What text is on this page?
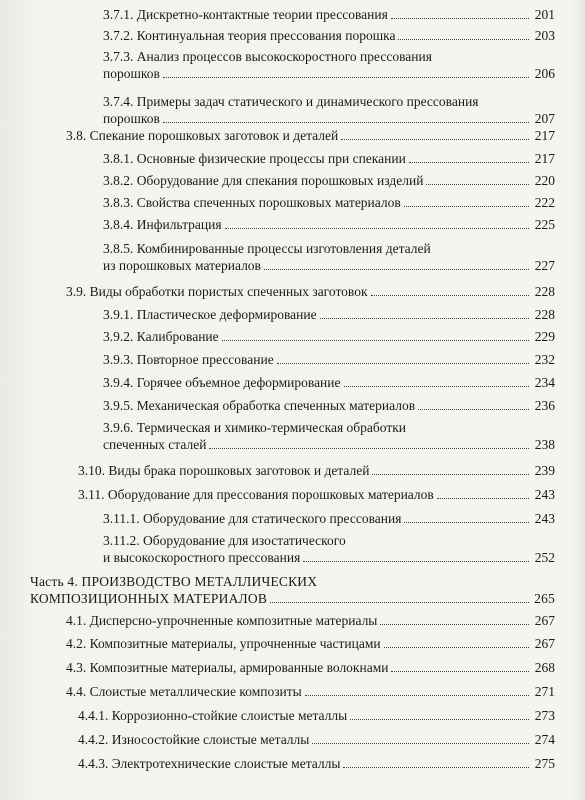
3.7.1. Дискретно-контактные теории прессования	201
3.7.2. Континуальная теория прессования порошка	203
3.7.3. Анализ процессов высокоскоростного прессования
порошков	206
3.7.4. Примеры задач статического и динамического прессования
порошков	207
3.8. Спекание порошковых заготовок и деталей	217
3.8.1. Основные физические процессы при спекании	217
3.8.2. Оборудование для спекания порошковых изделий	220
3.8.3. Свойства спеченных порошковых материалов	222
3.8.4. Инфильтрация	225
3.8.5. Комбинированные процессы изготовления деталей
из порошковых материалов	227
3.9. Виды обработки пористых спеченных заготовок	228
3.9.1. Пластическое деформирование	228
3.9.2. Калибрование	229
3.9.3. Повторное прессование	232
3.9.4. Горячее объемное деформирование	234
3.9.5. Механическая обработка спеченных материалов	236
3.9.6. Термическая и химико-термическая обработки
спеченных сталей	238
3.10. Виды брака порошковых заготовок и деталей	239
3.11. Оборудование для прессования порошковых материалов	243
3.11.1. Оборудование для статического прессования	243
3.11.2. Оборудование для изостатического
и высокоскоростного прессования	252
Часть 4. ПРОИЗВОДСТВО МЕТАЛЛИЧЕСКИХ
КОМПОЗИЦИОННЫХ МАТЕРИАЛОВ	265
4.1. Дисперсно-упрочненные композитные материалы	267
4.2. Композитные материалы, упрочненные частицами	267
4.3. Композитные материалы, армированные волокнами	268
4.4. Слоистые металлические композиты	271
4.4.1. Коррозионно-стойкие слоистые металлы	273
4.4.2. Износостойкие слоистые металлы	274
4.4.3. Электротехнические слоистые металлы	275
